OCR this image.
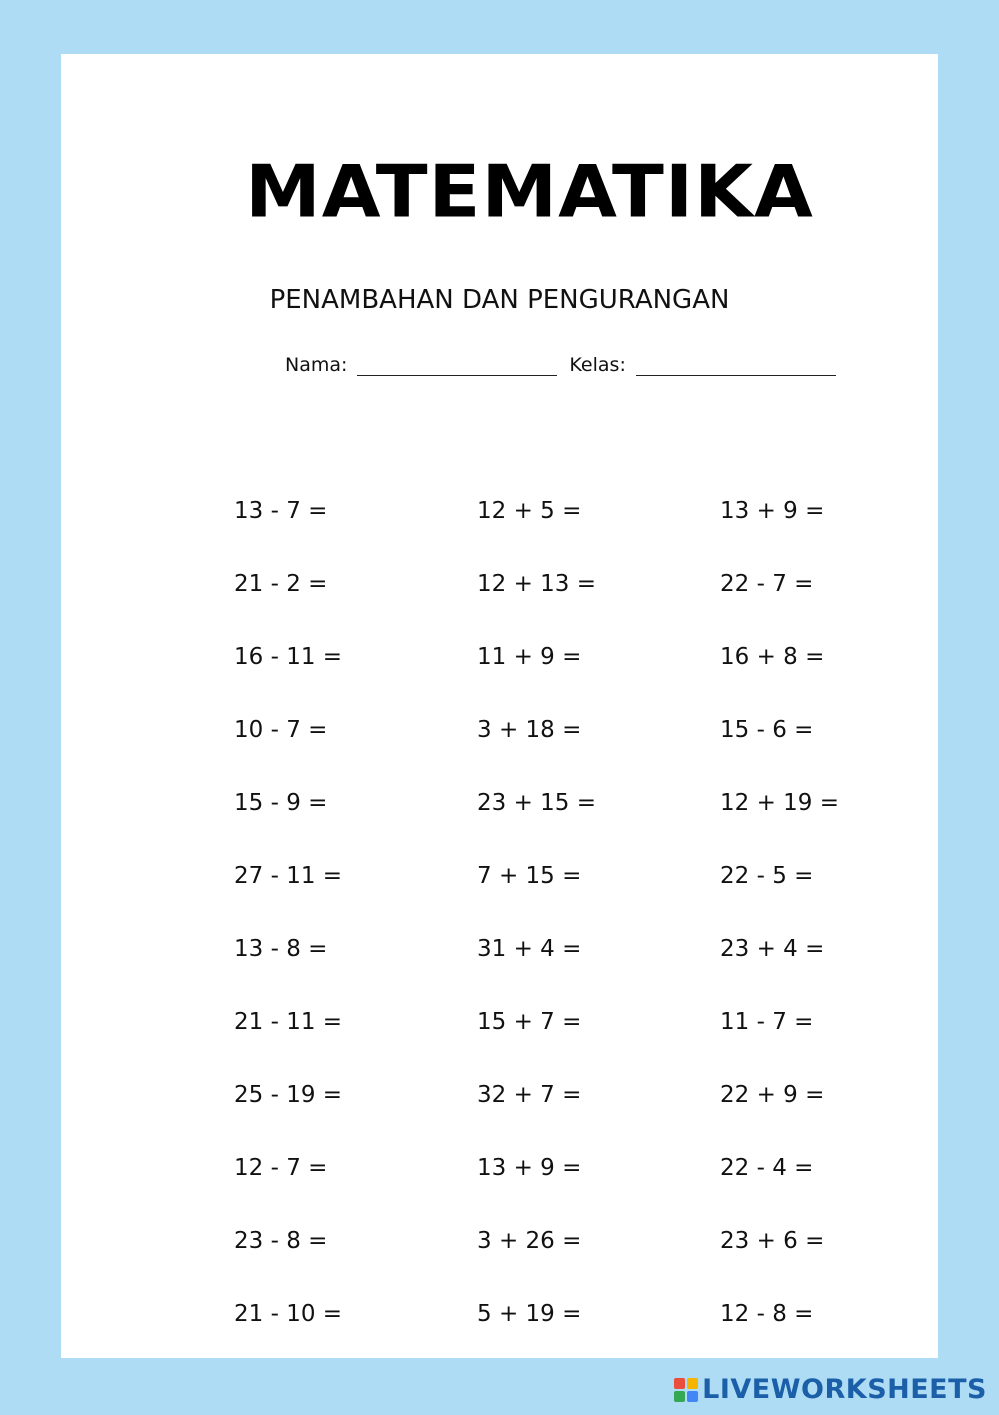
MATEMATIKA
PENAMBAHAN DAN PENGURANGAN
Nama:	Kelas:
13 - 7 =	12 + 5 =	13 + 9 =
21 - 2 =	12 + 13 =	22 - 7 =
16 - 11 =	11 + 9 =	16 + 8 =
10 - 7 =	3 + 18 =	15 - 6 =
15 - 9 =	23 + 15 =	12 + 19 =
27 - 11 =	7 + 15 =	22 - 5 =
13 - 8 =	31 + 4 =	23 + 4 =
21 - 11 =	15 + 7 =	11 - 7 =
25 - 19 =	32 + 7 =	22 + 9 =
12 - 7 =	13 + 9 =	22 - 4 =
23 - 8 =	3 + 26 =	23 + 6 =
21 - 10 =	5 + 19 =	12 - 8 =
LIVEWORKSHEETS
